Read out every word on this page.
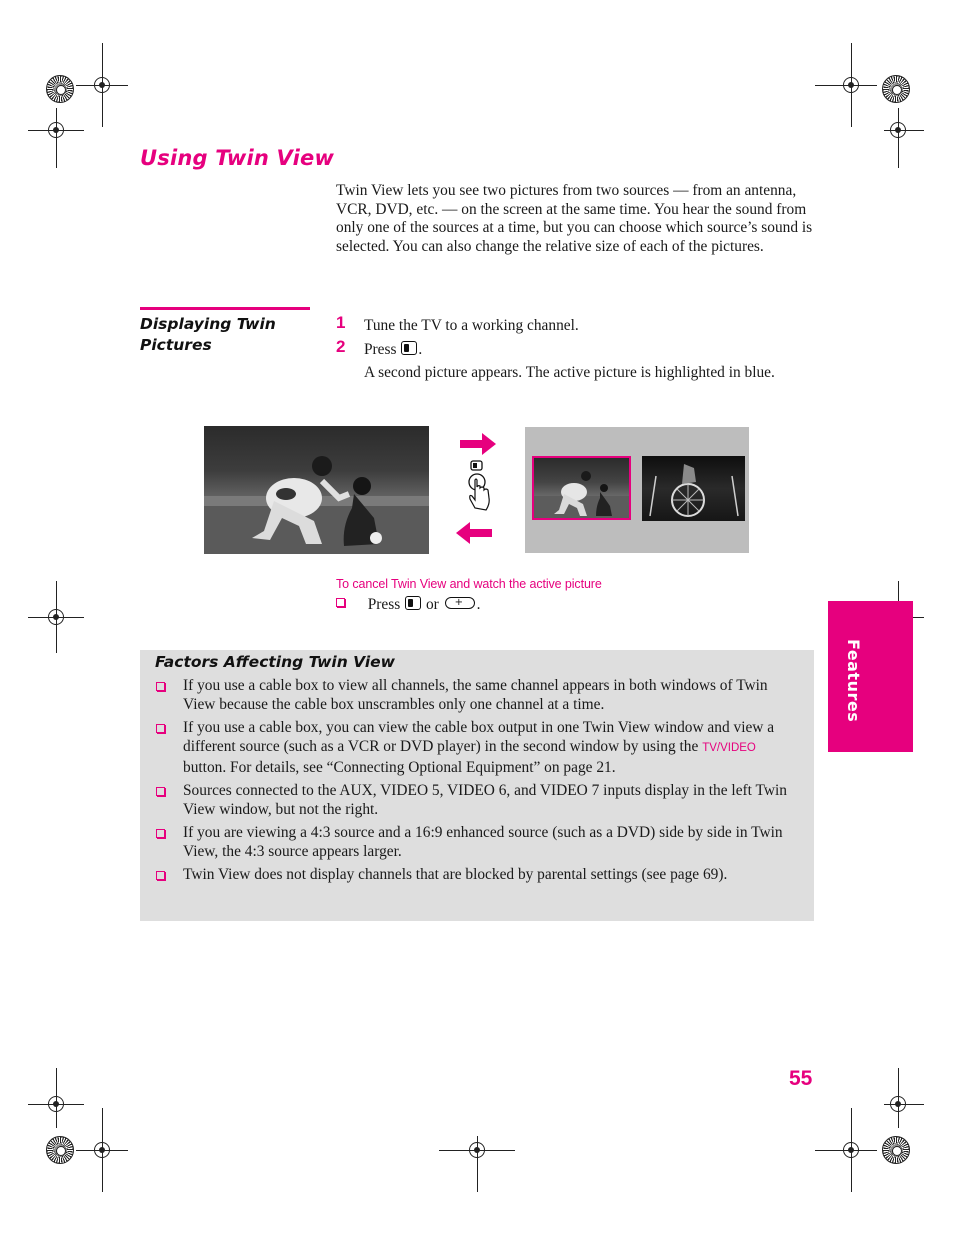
Using Twin View

Twin View lets you see two pictures from two sources — from an antenna, VCR, DVD, etc. — on the screen at the same time. You hear the sound from only one of the sources at a time, but you can choose which source’s sound is selected. You can also change the relative size of each of the pictures.

Displaying Twin Pictures
1 Tune the TV to a working channel.
2 Press .
A second picture appears. The active picture is highlighted in blue.
To cancel Twin View and watch the active picture
Press or + .
Factors Affecting Twin View
If you use a cable box to view all channels, the same channel appears in both windows of Twin View because the cable box unscrambles only one channel at a time.
If you use a cable box, you can view the cable box output in one Twin View window and view a different source (such as a VCR or DVD player) in the second window by using the TV/VIDEO button. For details, see “Connecting Optional Equipment” on page 21.
Sources connected to the AUX, VIDEO 5, VIDEO 6, and VIDEO 7 inputs display in the left Twin View window, but not the right.
If you are viewing a 4:3 source and a 16:9 enhanced source (such as a DVD) side by side in Twin View, the 4:3 source appears larger.
Twin View does not display channels that are blocked by parental settings (see page 69).
Features
55
